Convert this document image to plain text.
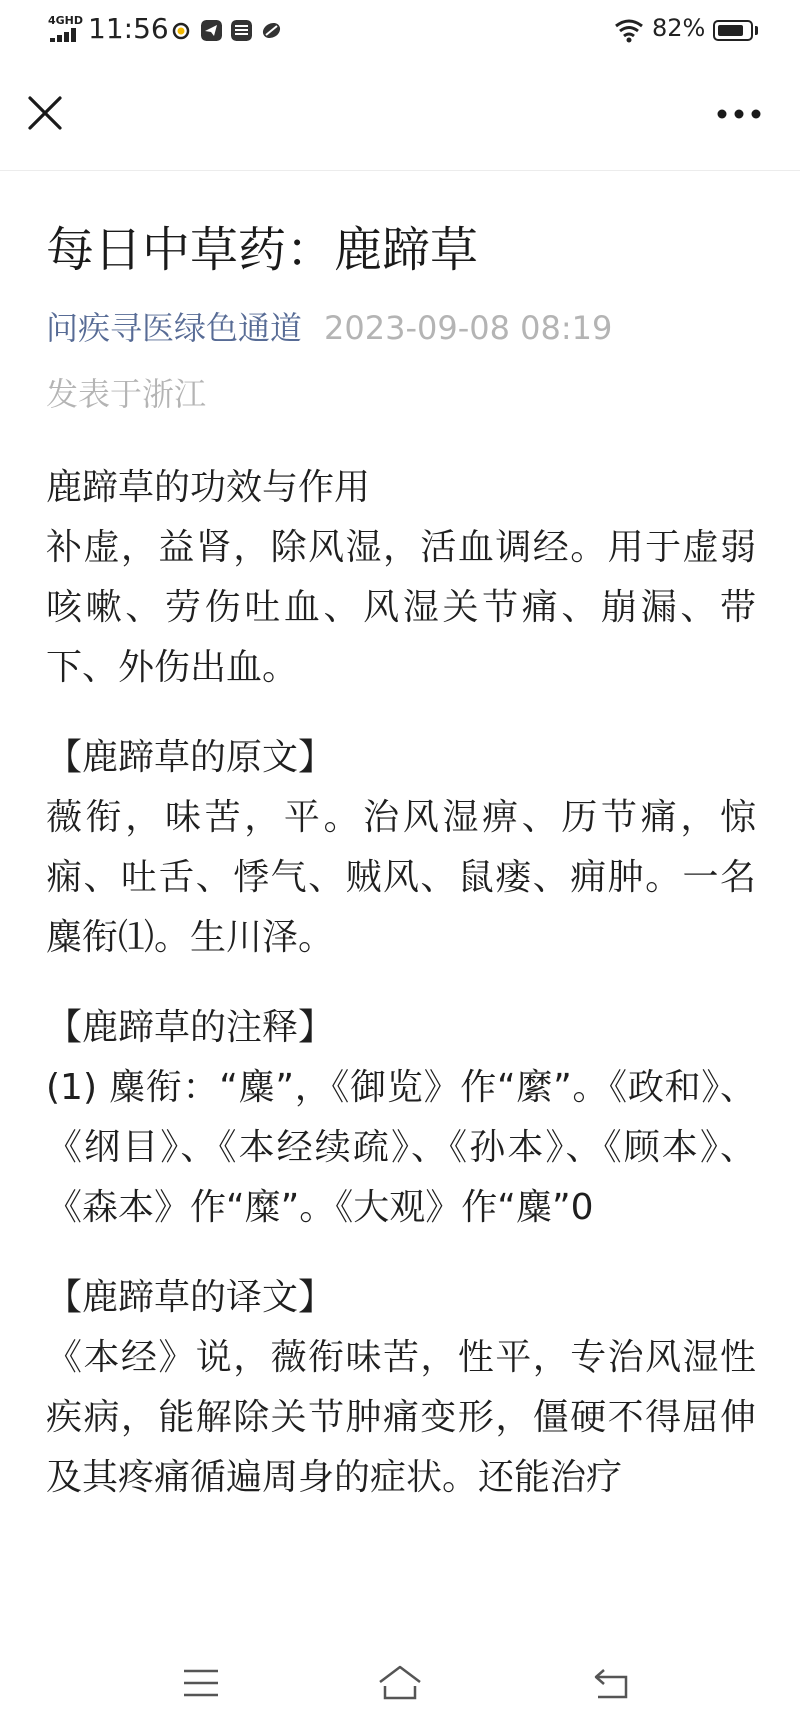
4GHD 11:56	82%
每日中草药：鹿蹄草
问疾寻医绿色通道 2023-09-08 08:19
发表于浙江
鹿蹄草的功效与作用
补虚，益肾，除风湿，活血调经。用于虚弱咳嗽、劳伤吐血、风湿关节痛、崩漏、带下、外伤出血。
【鹿蹄草的原文】
薇衔，味苦，平。治风湿痹、历节痛，惊痫、吐舌、悸气、贼风、鼠瘘、痈肿。一名麋衔⑴。生川泽。
【鹿蹄草的注释】
(1) 麋衔：“麋”，《御览》作“縻”。《政和》、《纲目》、《本经续疏》、《孙本》、《顾本》、《森本》作“糜”。《大观》作“麋”0
【鹿蹄草的译文】
《本经》说，薇衔味苦，性平，专治风湿性疾病，能解除关节肿痛变形，僵硬不得屈伸及其疼痛循遍周身的症状。还能治疗
